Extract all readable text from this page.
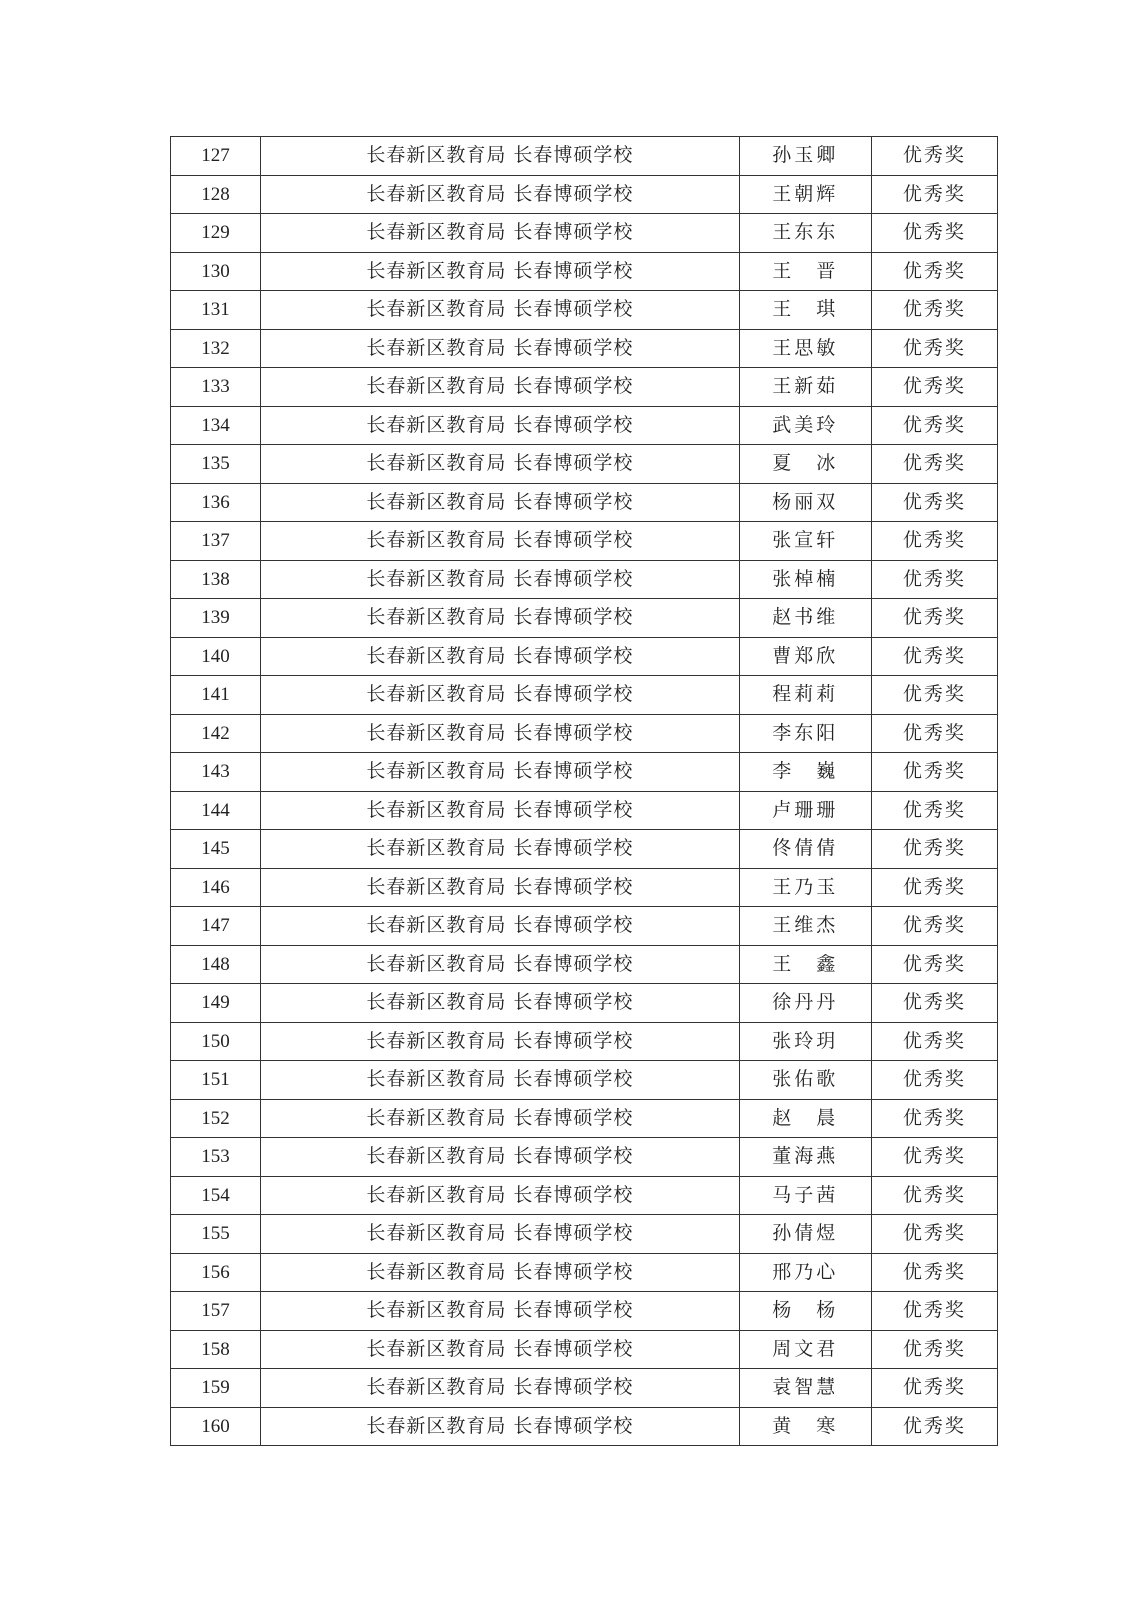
127	长春新区教育局 长春博硕学校	孙玉卿	优秀奖
128	长春新区教育局 长春博硕学校	王朝辉	优秀奖
129	长春新区教育局 长春博硕学校	王东东	优秀奖
130	长春新区教育局 长春博硕学校	王　晋	优秀奖
131	长春新区教育局 长春博硕学校	王　琪	优秀奖
132	长春新区教育局 长春博硕学校	王思敏	优秀奖
133	长春新区教育局 长春博硕学校	王新茹	优秀奖
134	长春新区教育局 长春博硕学校	武美玲	优秀奖
135	长春新区教育局 长春博硕学校	夏　冰	优秀奖
136	长春新区教育局 长春博硕学校	杨丽双	优秀奖
137	长春新区教育局 长春博硕学校	张宣轩	优秀奖
138	长春新区教育局 长春博硕学校	张棹楠	优秀奖
139	长春新区教育局 长春博硕学校	赵书维	优秀奖
140	长春新区教育局 长春博硕学校	曹郑欣	优秀奖
141	长春新区教育局 长春博硕学校	程莉莉	优秀奖
142	长春新区教育局 长春博硕学校	李东阳	优秀奖
143	长春新区教育局 长春博硕学校	李　巍	优秀奖
144	长春新区教育局 长春博硕学校	卢珊珊	优秀奖
145	长春新区教育局 长春博硕学校	佟倩倩	优秀奖
146	长春新区教育局 长春博硕学校	王乃玉	优秀奖
147	长春新区教育局 长春博硕学校	王维杰	优秀奖
148	长春新区教育局 长春博硕学校	王　鑫	优秀奖
149	长春新区教育局 长春博硕学校	徐丹丹	优秀奖
150	长春新区教育局 长春博硕学校	张玲玥	优秀奖
151	长春新区教育局 长春博硕学校	张佑歌	优秀奖
152	长春新区教育局 长春博硕学校	赵　晨	优秀奖
153	长春新区教育局 长春博硕学校	董海燕	优秀奖
154	长春新区教育局 长春博硕学校	马子茜	优秀奖
155	长春新区教育局 长春博硕学校	孙倩煜	优秀奖
156	长春新区教育局 长春博硕学校	邢乃心	优秀奖
157	长春新区教育局 长春博硕学校	杨　杨	优秀奖
158	长春新区教育局 长春博硕学校	周文君	优秀奖
159	长春新区教育局 长春博硕学校	袁智慧	优秀奖
160	长春新区教育局 长春博硕学校	黄　寒	优秀奖
